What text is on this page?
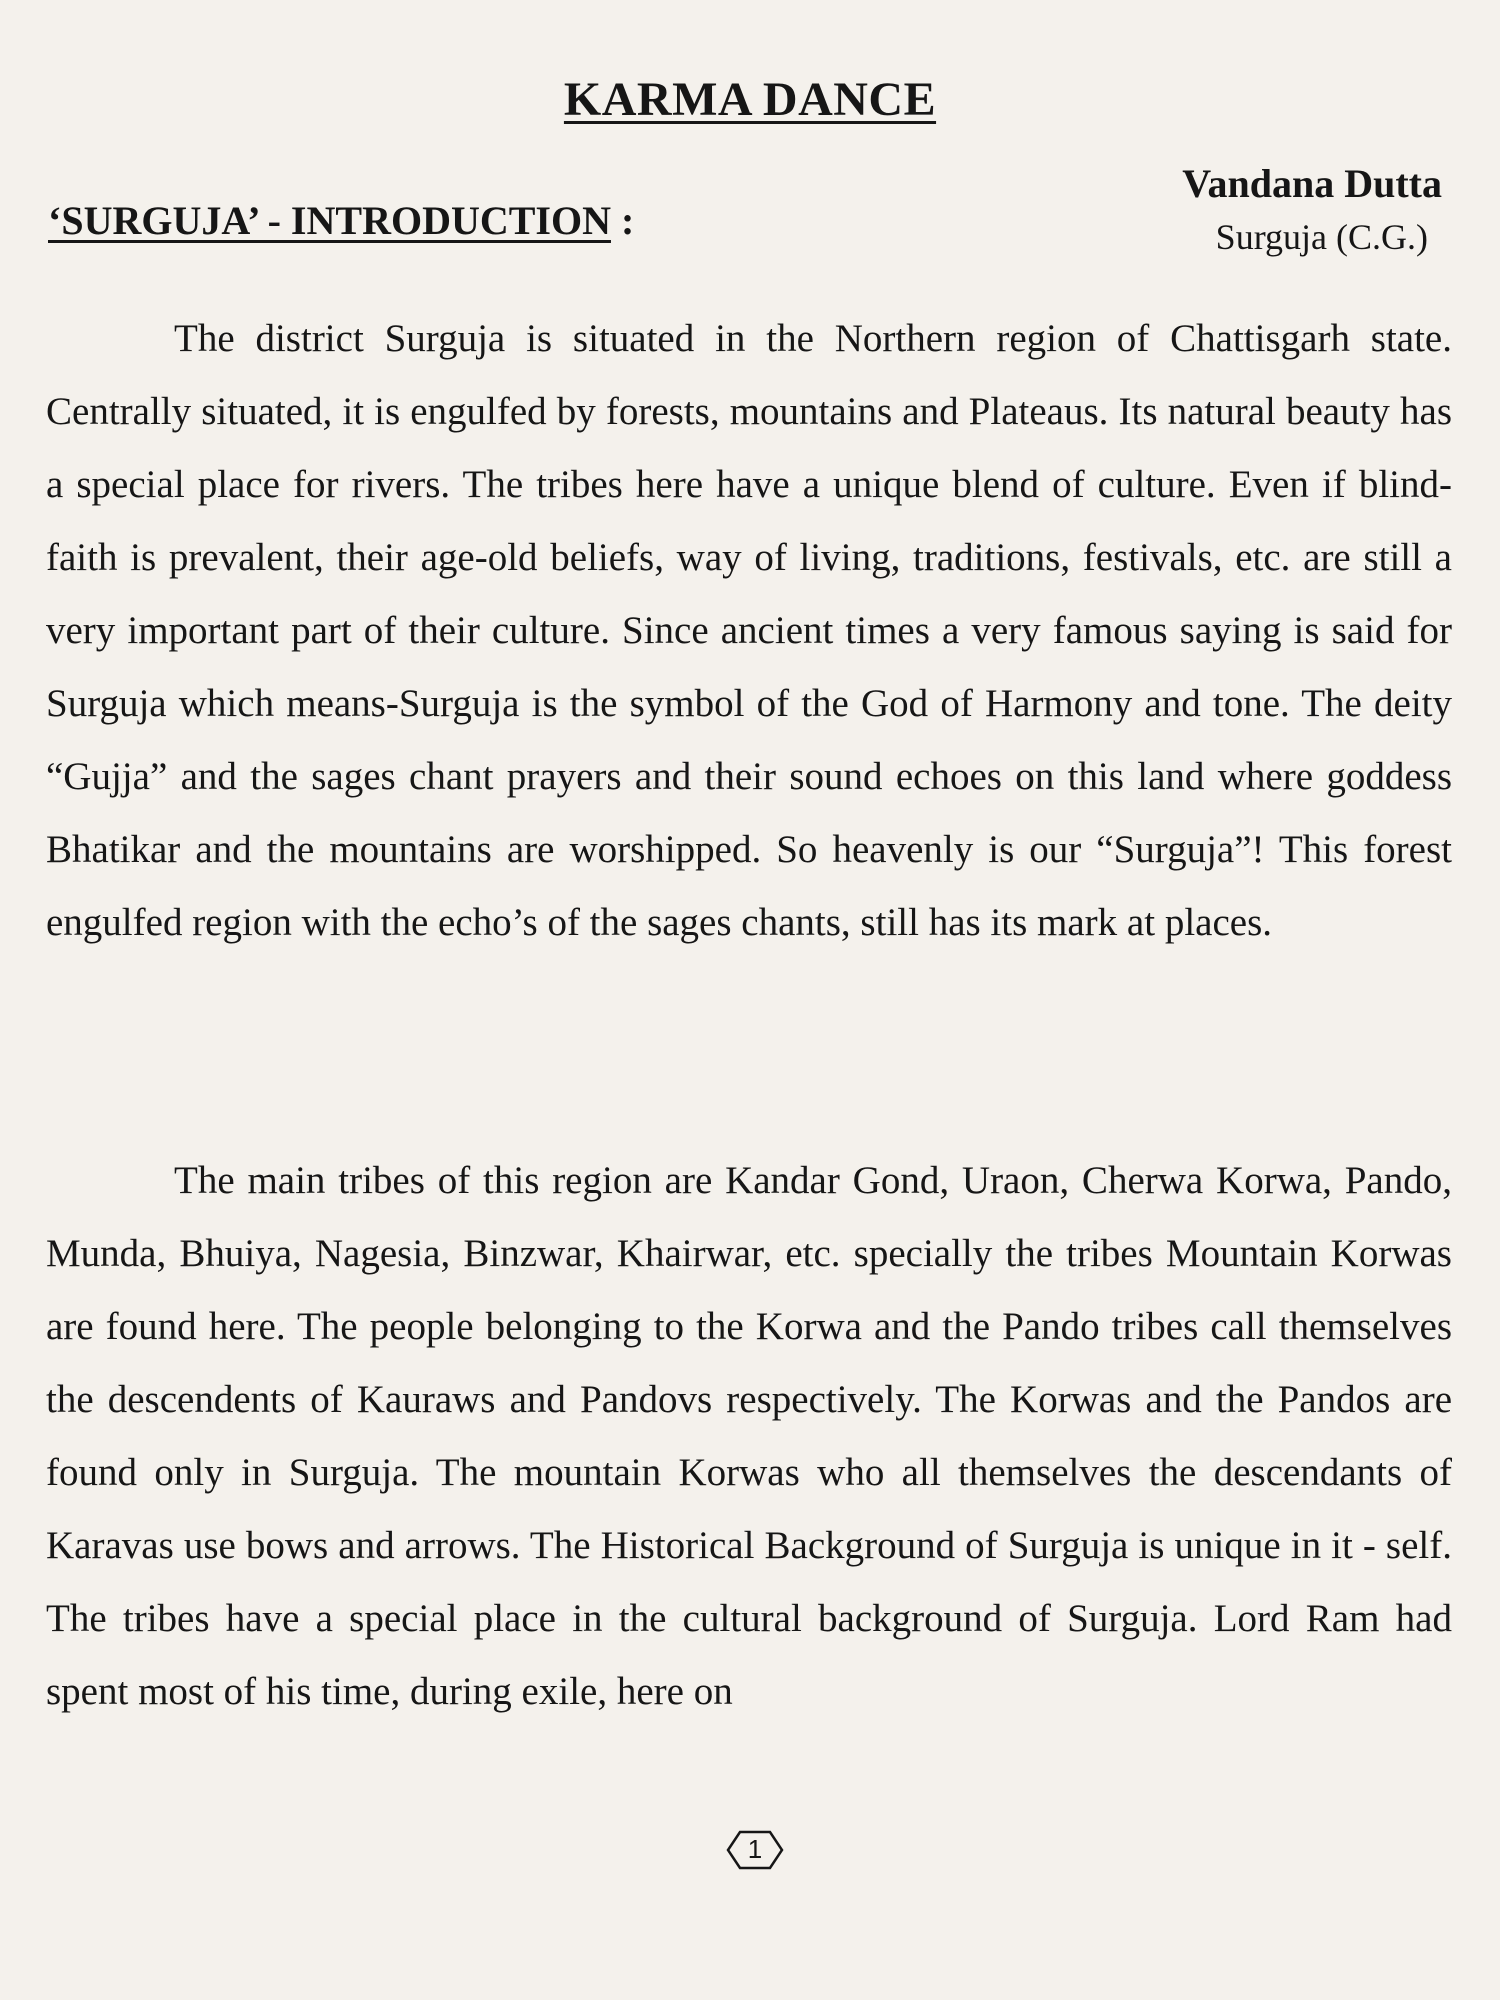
KARMA DANCE
Vandana Dutta
Surguja (C.G.)
‘SURGUJA’ - INTRODUCTION :

The district Surguja is situated in the Northern region of Chattisgarh state. Centrally situated, it is engulfed by forests, mountains and Plateaus. Its natural beauty has a special place for rivers. The tribes here have a unique blend of culture. Even if blind-faith is prevalent, their age-old beliefs, way of living, traditions, festivals, etc. are still a very important part of their culture. Since ancient times a very famous saying is said for Surguja which means-Surguja is the symbol of the God of Harmony and tone. The deity “Gujja” and the sages chant prayers and their sound echoes on this land where goddess Bhatikar and the mountains are worshipped. So heavenly is our “Surguja”! This forest engulfed region with the echo’s of the sages chants, still has its mark at places.

The main tribes of this region are Kandar Gond, Uraon, Cherwa Korwa, Pando, Munda, Bhuiya, Nagesia, Binzwar, Khairwar, etc. specially the tribes Mountain Korwas are found here. The people belonging to the Korwa and the Pando tribes call themselves the descendents of Kauraws and Pandovs respectively. The Korwas and the Pandos are found only in Surguja. The mountain Korwas who all themselves the descendants of Karavas use bows and arrows. The Historical Background of Surguja is unique in it - self. The tribes have a special place in the cultural background of Surguja. Lord Ram had spent most of his time, during exile, here on

1
